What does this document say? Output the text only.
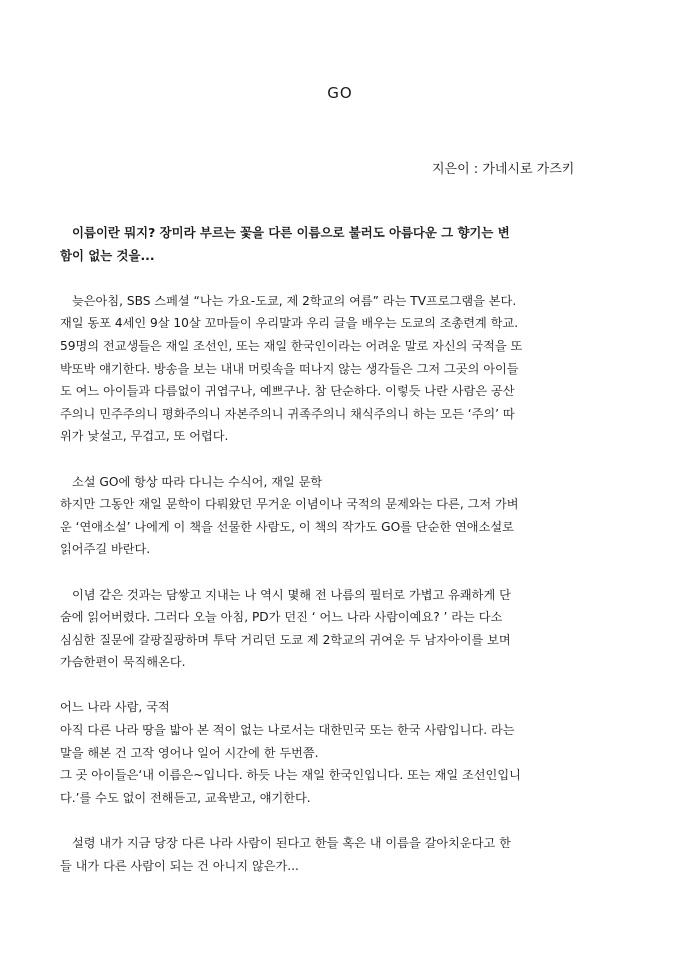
GO
지은이 : 가네시로 가즈키

이름이란 뭐지? 장미라 부르는 꽃을 다른 이름으로 불러도 아름다운 그 향기는 변
함이 없는 것을...

늦은아침, SBS 스페셜 “나는 가요-도쿄, 제 2학교의 여름” 라는 TV프로그램을 본다.
재일 동포 4세인 9살 10살 꼬마들이 우리말과 우리 글을 배우는 도쿄의 조총련계 학교.
59명의 전교생들은 재일 조선인, 또는 재일 한국인이라는 어려운 말로 자신의 국적을 또
박또박 얘기한다. 방송을 보는 내내 머릿속을 떠나지 않는 생각들은 그저 그곳의 아이들
도 여느 아이들과 다름없이 귀엽구나, 예쁘구나. 참 단순하다. 이렇듯 나란 사람은 공산
주의니 민주주의니 평화주의니 자본주의니 귀족주의니 채식주의니 하는 모든 ‘주의’ 따
위가 낯설고, 무겁고, 또 어렵다.

소설 GO에 항상 따라 다니는 수식어, 재일 문학
하지만 그동안 재일 문학이 다뤄왔던 무거운 이념이나 국적의 문제와는 다른, 그저 가벼
운 ‘연애소설’ 나에게 이 책을 선물한 사람도, 이 책의 작가도 GO를 단순한 연애소설로
읽어주길 바란다.

이념 같은 것과는 담쌓고 지내는 나 역시 몇해 전 나름의 필터로 가볍고 유쾌하게 단
숨에 읽어버렸다. 그러다 오늘 아침, PD가 던진 ‘ 어느 나라 사람이예요? ’ 라는 다소
심심한 질문에 갈팡질팡하며 투닥 거리던 도쿄 제 2학교의 귀여운 두 남자아이를 보며
가슴한편이 묵직해온다.

어느 나라 사람, 국적
아직 다른 나라 땅을 밟아 본 적이 없는 나로서는 대한민국 또는 한국 사람입니다. 라는
말을 해본 건 고작 영어나 일어 시간에 한 두번쯤.
그 곳 아이들은‘내 이름은~입니다. 하듯 나는 재일 한국인입니다. 또는 재일 조선인입니
다.’를 수도 없이 전해듣고, 교육받고, 얘기한다.

설령 내가 지금 당장 다른 나라 사람이 된다고 한들 혹은 내 이름을 갈아치운다고 한
들 내가 다른 사람이 되는 건 아니지 않은가...
